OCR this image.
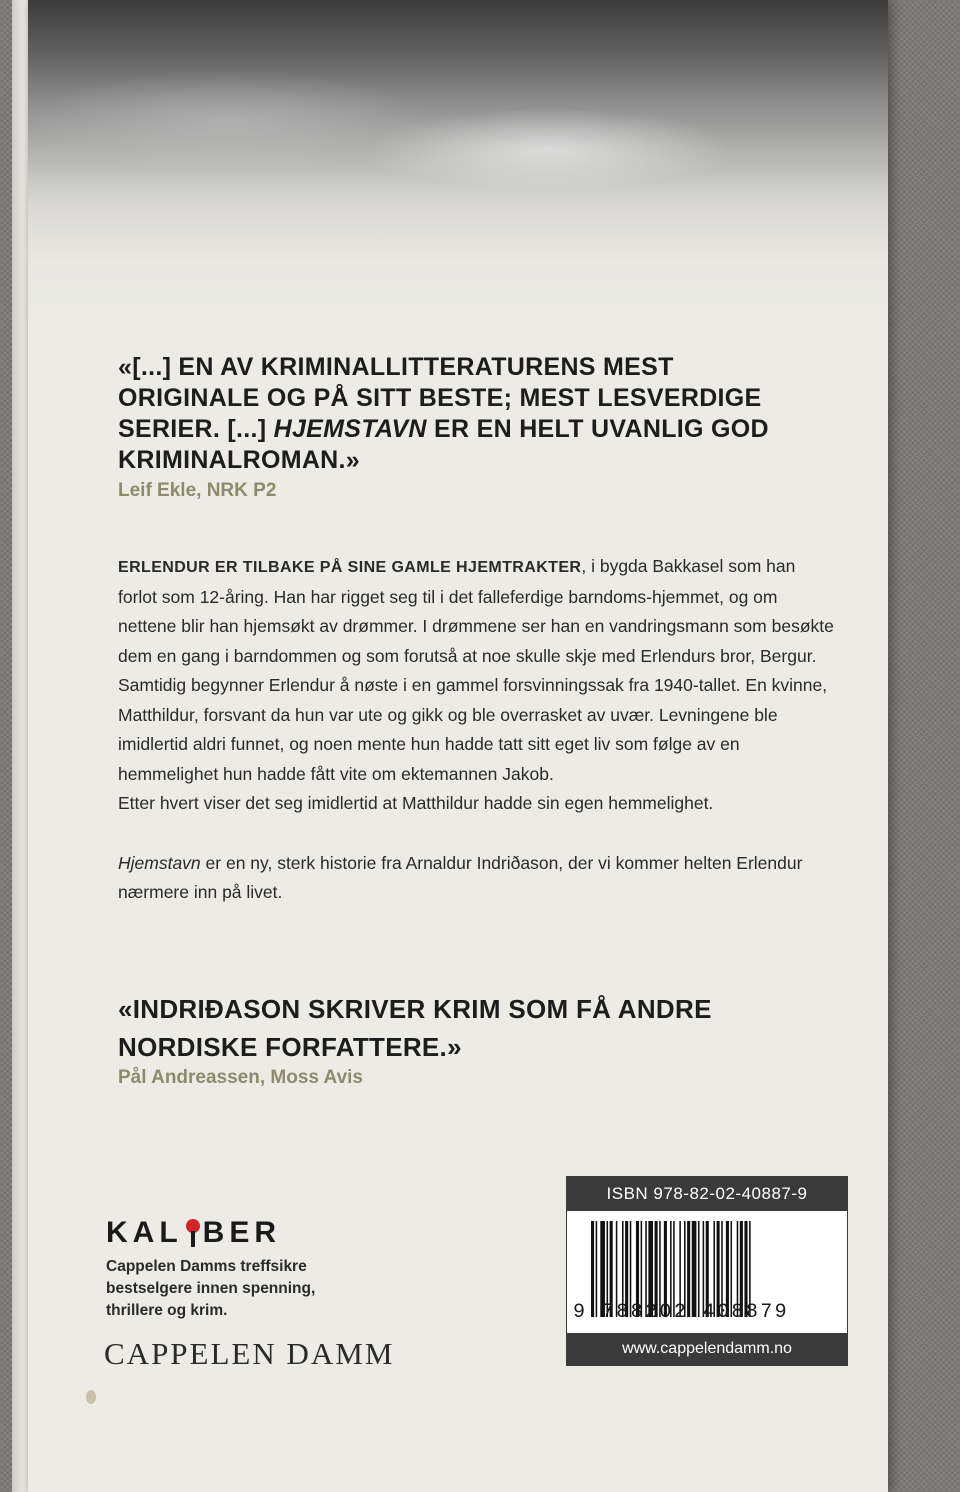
«[...] EN AV KRIMINALLITTERATURENS MEST ORIGINALE OG PÅ SITT BESTE; MEST LESVERDIGE SERIER. [...] HJEMSTAVN ER EN HELT UVANLIG GOD KRIMINALROMAN.»
Leif Ekle, NRK P2

ERLENDUR ER TILBAKE PÅ SINE GAMLE HJEMTRAKTER, i bygda Bakkasel som han forlot som 12-åring. Han har rigget seg til i det falleferdige barndoms-hjemmet, og om nettene blir han hjemsøkt av drømmer. I drømmene ser han en vandringsmann som besøkte dem en gang i barndommen og som forutså at noe skulle skje med Erlendurs bror, Bergur.

Samtidig begynner Erlendur å nøste i en gammel forsvinningssak fra 1940-tallet. En kvinne, Matthildur, forsvant da hun var ute og gikk og ble overrasket av uvær. Levningene ble imidlertid aldri funnet, og noen mente hun hadde tatt sitt eget liv som følge av en hemmelighet hun hadde fått vite om ektemannen Jakob.

Etter hvert viser det seg imidlertid at Matthildur hadde sin egen hemmelighet.

Hjemstavn er en ny, sterk historie fra Arnaldur Indriðason, der vi kommer helten Erlendur nærmere inn på livet.

«INDRIÐASON SKRIVER KRIM SOM FÅ ANDRE NORDISKE FORFATTERE.»
Pål Andreassen, Moss Avis
KAL BER
Cappelen Damms treffsikre bestselgere innen spenning, thrillere og krim.
CAPPELEN DAMM
ISBN 978-82-02-40887-9
9 788202 408879
www.cappelendamm.no
